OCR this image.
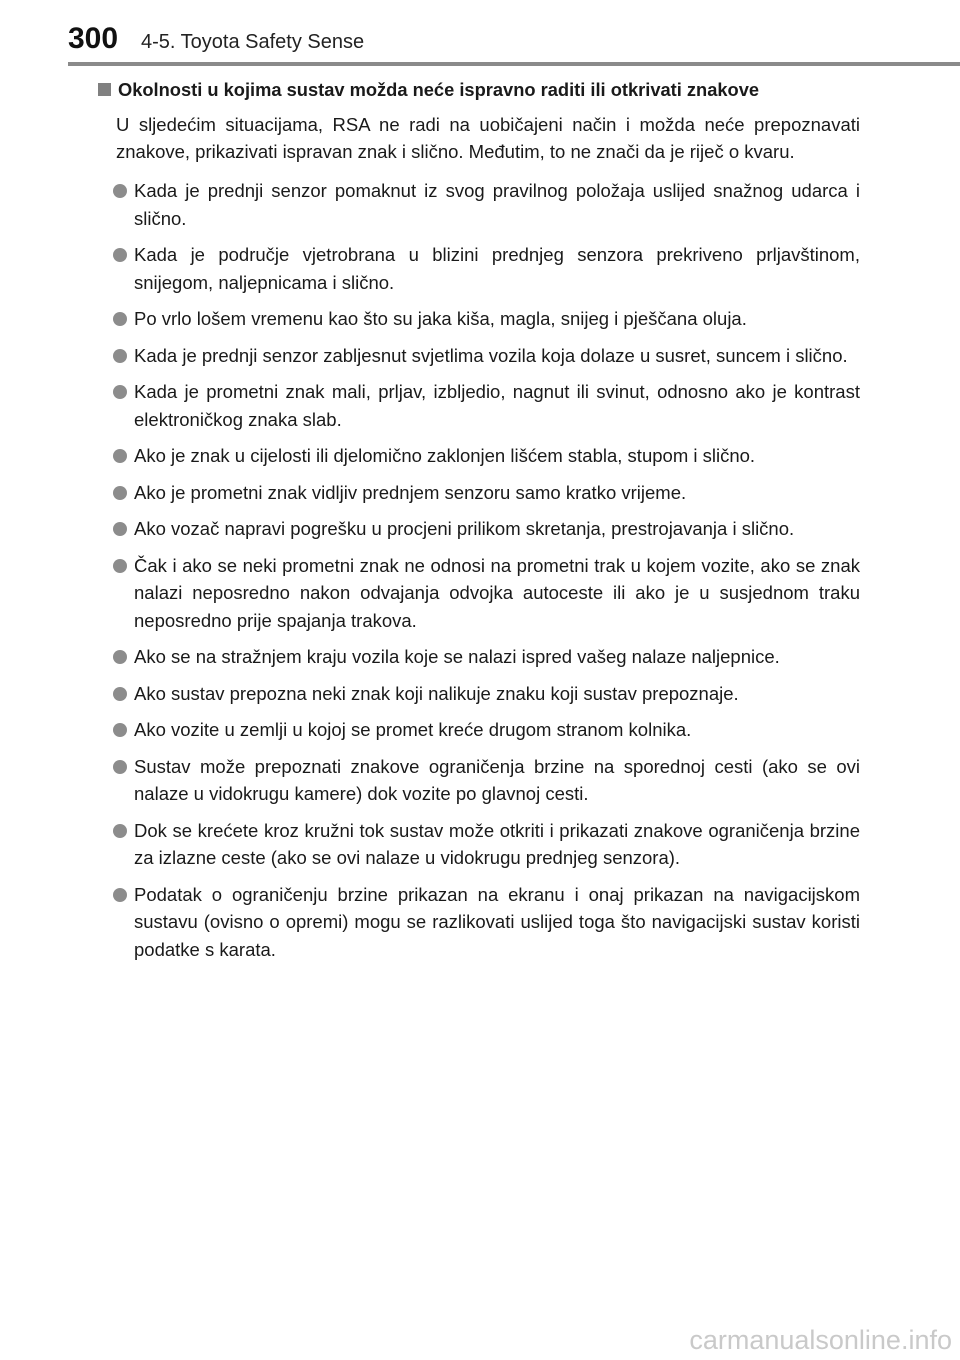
300 4-5. Toyota Safety Sense
Okolnosti u kojima sustav možda neće ispravno raditi ili otkrivati znakove

U sljedećim situacijama, RSA ne radi na uobičajeni način i možda neće prepoznavati znakove, prikazivati ispravan znak i slično. Međutim, to ne znači da je riječ o kvaru.

Kada je prednji senzor pomaknut iz svog pravilnog položaja uslijed snažnog udarca i slično.
Kada je područje vjetrobrana u blizini prednjeg senzora prekriveno prljavštinom, snijegom, naljepnicama i slično.
Po vrlo lošem vremenu kao što su jaka kiša, magla, snijeg i pješčana oluja.
Kada je prednji senzor zabljesnut svjetlima vozila koja dolaze u susret, suncem i slično.
Kada je prometni znak mali, prljav, izbljedio, nagnut ili svinut, odnosno ako je kontrast elektroničkog znaka slab.
Ako je znak u cijelosti ili djelomično zaklonjen lišćem stabla, stupom i slično.
Ako je prometni znak vidljiv prednjem senzoru samo kratko vrijeme.
Ako vozač napravi pogrešku u procjeni prilikom skretanja, prestrojavanja i slično.
Čak i ako se neki prometni znak ne odnosi na prometni trak u kojem vozite, ako se znak nalazi neposredno nakon odvajanja odvojka autoceste ili ako je u susjednom traku neposredno prije spajanja trakova.
Ako se na stražnjem kraju vozila koje se nalazi ispred vašeg nalaze naljepnice.
Ako sustav prepozna neki znak koji nalikuje znaku koji sustav prepoznaje.
Ako vozite u zemlji u kojoj se promet kreće drugom stranom kolnika.
Sustav može prepoznati znakove ograničenja brzine na sporednoj cesti (ako se ovi nalaze u vidokrugu kamere) dok vozite po glavnoj cesti.
Dok se krećete kroz kružni tok sustav može otkriti i prikazati znakove ograničenja brzine za izlazne ceste (ako se ovi nalaze u vidokrugu prednjeg senzora).
Podatak o ograničenju brzine prikazan na ekranu i onaj prikazan na navigacijskom sustavu (ovisno o opremi) mogu se razlikovati uslijed toga što navigacijski sustav koristi podatke s karata.
carmanualsonline.info
